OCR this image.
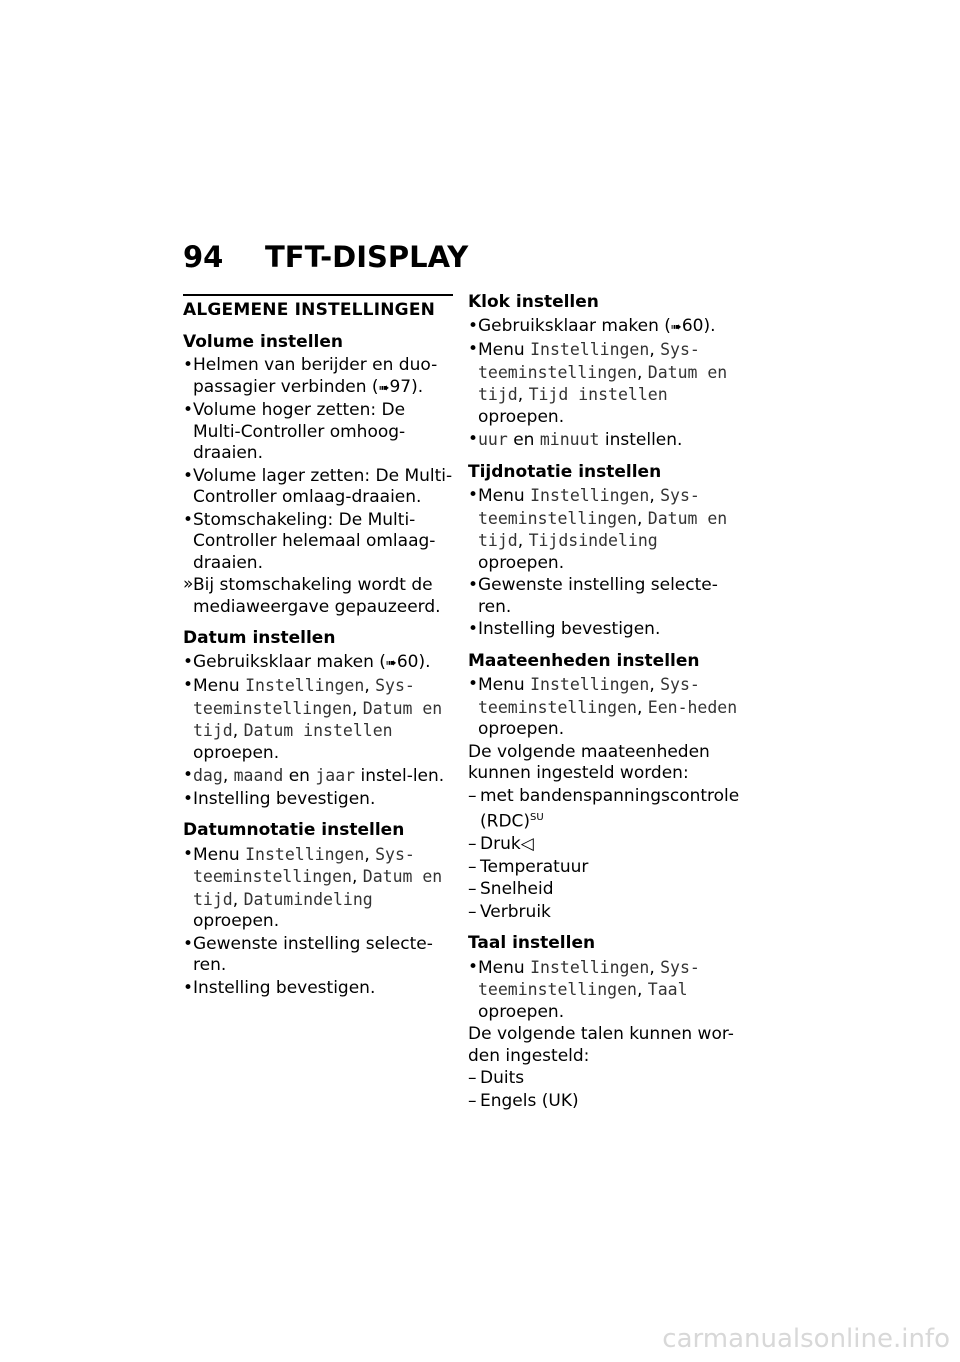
94 TFT-DISPLAY
ALGEMENE INSTELLINGEN
Volume instellen
• Helmen van berijder en duo-passagier verbinden (➠97).
• Volume hoger zetten: De Multi-Controller omhoog-draaien.
• Volume lager zetten: De Multi-Controller omlaag-draaien.
• Stomschakeling: De Multi-Controller helemaal omlaag-draaien.
» Bij stomschakeling wordt de mediaweergave gepauzeerd.
Datum instellen
• Gebruiksklaar maken (➠60).
• Menu Instellingen, Sys-teeminstellingen, Datum en tijd, Datum instellen oproepen.
• dag, maand en jaar instel-len.
• Instelling bevestigen.
Datumnotatie instellen
• Menu Instellingen, Sys-teeminstellingen, Datum en tijd, Datumindeling oproepen.
• Gewenste instelling selecte-ren.
• Instelling bevestigen.
Klok instellen
• Gebruiksklaar maken (➠60).
• Menu Instellingen, Sys-teeminstellingen, Datum en tijd, Tijd instellen oproepen.
• uur en minuut instellen.
Tijdnotatie instellen
• Menu Instellingen, Sys-teeminstellingen, Datum en tijd, Tijdsindeling oproepen.
• Gewenste instelling selecte-ren.
• Instelling bevestigen.
Maateenheden instellen
• Menu Instellingen, Sys-teeminstellingen, Een-heden oproepen.
De volgende maateenheden kunnen ingesteld worden:
– met bandenspanningscontrole (RDC)$^{SU}$
– Druk◁
– Temperatuur
– Snelheid
– Verbruik
Taal instellen
• Menu Instellingen, Sys-teeminstellingen, Taal oproepen.
De volgende talen kunnen wor-den ingesteld:
– Duits
– Engels (UK)
carmanualsonline.info
